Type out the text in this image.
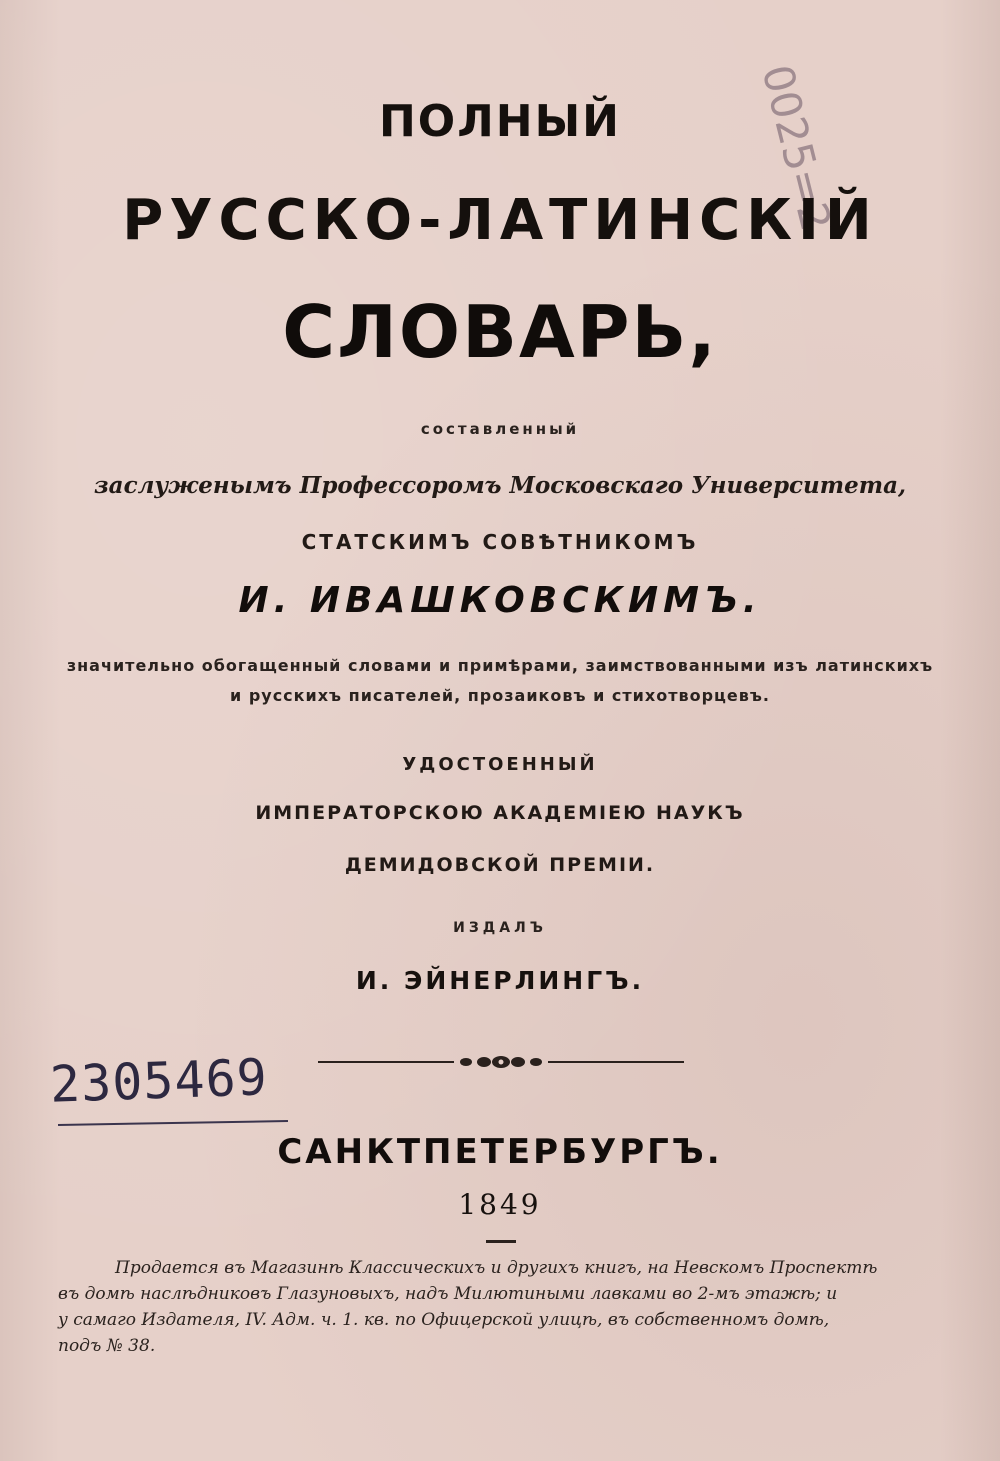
0025=2

ПОЛНЫЙ

РУССКО-ЛАТИНСКІЙ

СЛОВАРЬ,

составленный

заслуженымъ Профессоромъ Московскаго Университета,

СТАТСКИМЪ СОВѢТНИКОМЪ

И. ИВАШКОВСКИМЪ.

значительно обогащенный словами и примѣрами, заимствованными изъ латинскихъ

и русскихъ писателей, прозаиковъ и стихотворцевъ.

УДОСТОЕННЫЙ

ИМПЕРАТОРСКОЮ АКАДЕМІЕЮ НАУКЪ

ДЕМИДОВСКОЙ ПРЕМІИ.

ИЗДАЛЪ

И. ЭЙНЕРЛИНГЪ.

2305469

САНКТПЕТЕРБУРГЪ.

1849

Продается въ Магазинѣ Классическихъ и другихъ книгъ, на Невскомъ Проспектѣ

въ домѣ наслѣдниковъ Глазуновыхъ, надъ Милютиными лавками во 2-мъ этажѣ; и

у самаго Издателя, IV. Адм. ч. 1. кв. по Офицерской улицѣ, въ собственномъ домѣ,

подъ № 38.
